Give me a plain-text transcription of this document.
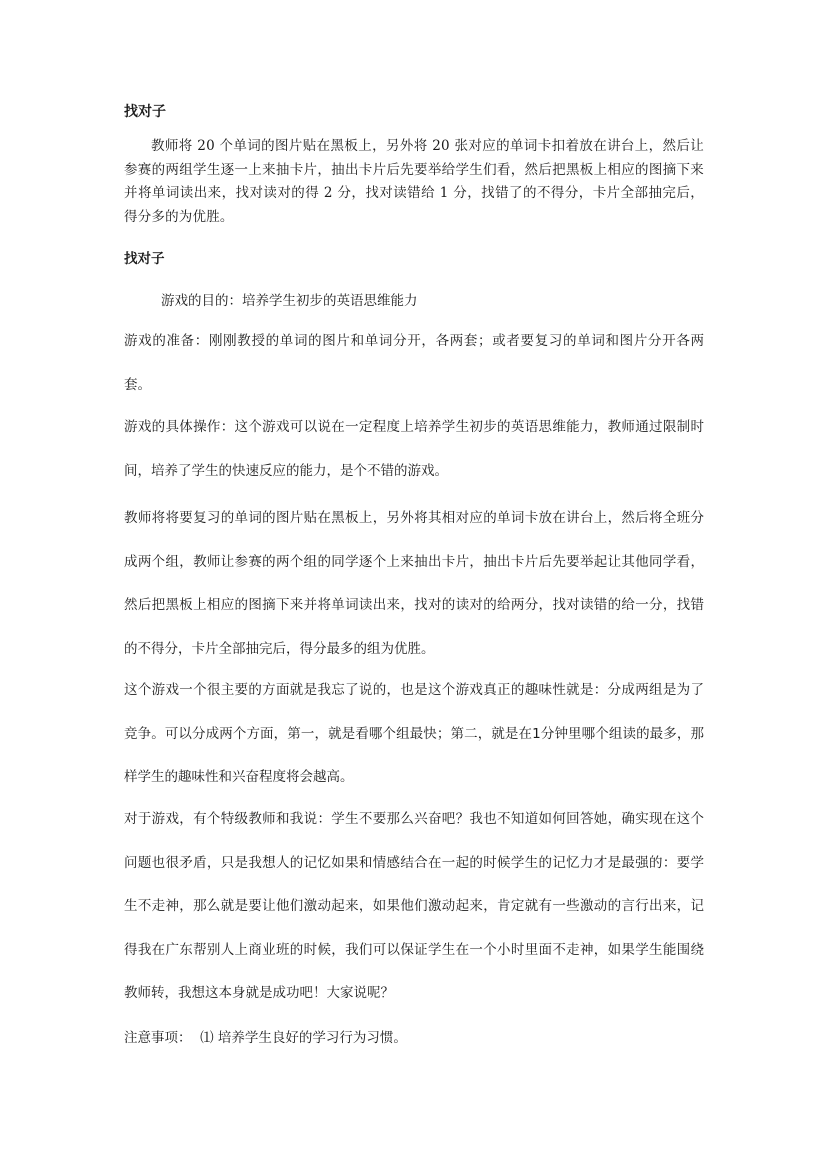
找对子

教师将 20 个单词的图片贴在黑板上，另外将 20 张对应的单词卡扣着放在讲台上，然后让参赛的两组学生逐一上来抽卡片，抽出卡片后先要举给学生们看，然后把黑板上相应的图摘下来并将单词读出来，找对读对的得 2 分，找对读错给 1 分，找错了的不得分，卡片全部抽完后，得分多的为优胜。

找对子

游戏的目的：培养学生初步的英语思维能力

游戏的准备：刚刚教授的单词的图片和单词分开，各两套；或者要复习的单词和图片分开各两套。

游戏的具体操作：这个游戏可以说在一定程度上培养学生初步的英语思维能力，教师通过限制时间，培养了学生的快速反应的能力，是个不错的游戏。

教师将将要复习的单词的图片贴在黑板上，另外将其相对应的单词卡放在讲台上，然后将全班分成两个组，教师让参赛的两个组的同学逐个上来抽出卡片，抽出卡片后先要举起让其他同学看，然后把黑板上相应的图摘下来并将单词读出来，找对的读对的给两分，找对读错的给一分，找错的不得分，卡片全部抽完后，得分最多的组为优胜。

这个游戏一个很主要的方面就是我忘了说的，也是这个游戏真正的趣味性就是：分成两组是为了竞争。可以分成两个方面，第一，就是看哪个组最快；第二，就是在1分钟里哪个组读的最多，那样学生的趣味性和兴奋程度将会越高。

对于游戏，有个特级教师和我说：学生不要那么兴奋吧？我也不知道如何回答她，确实现在这个问题也很矛盾，只是我想人的记忆如果和情感结合在一起的时候学生的记忆力才是最强的：要学生不走神，那么就是要让他们激动起来，如果他们激动起来，肯定就有一些激动的言行出来，记得我在广东帮别人上商业班的时候，我们可以保证学生在一个小时里面不走神，如果学生能围绕教师转，我想这本身就是成功吧！大家说呢？

注意事项：  ⑴ 培养学生良好的学习行为习惯。
